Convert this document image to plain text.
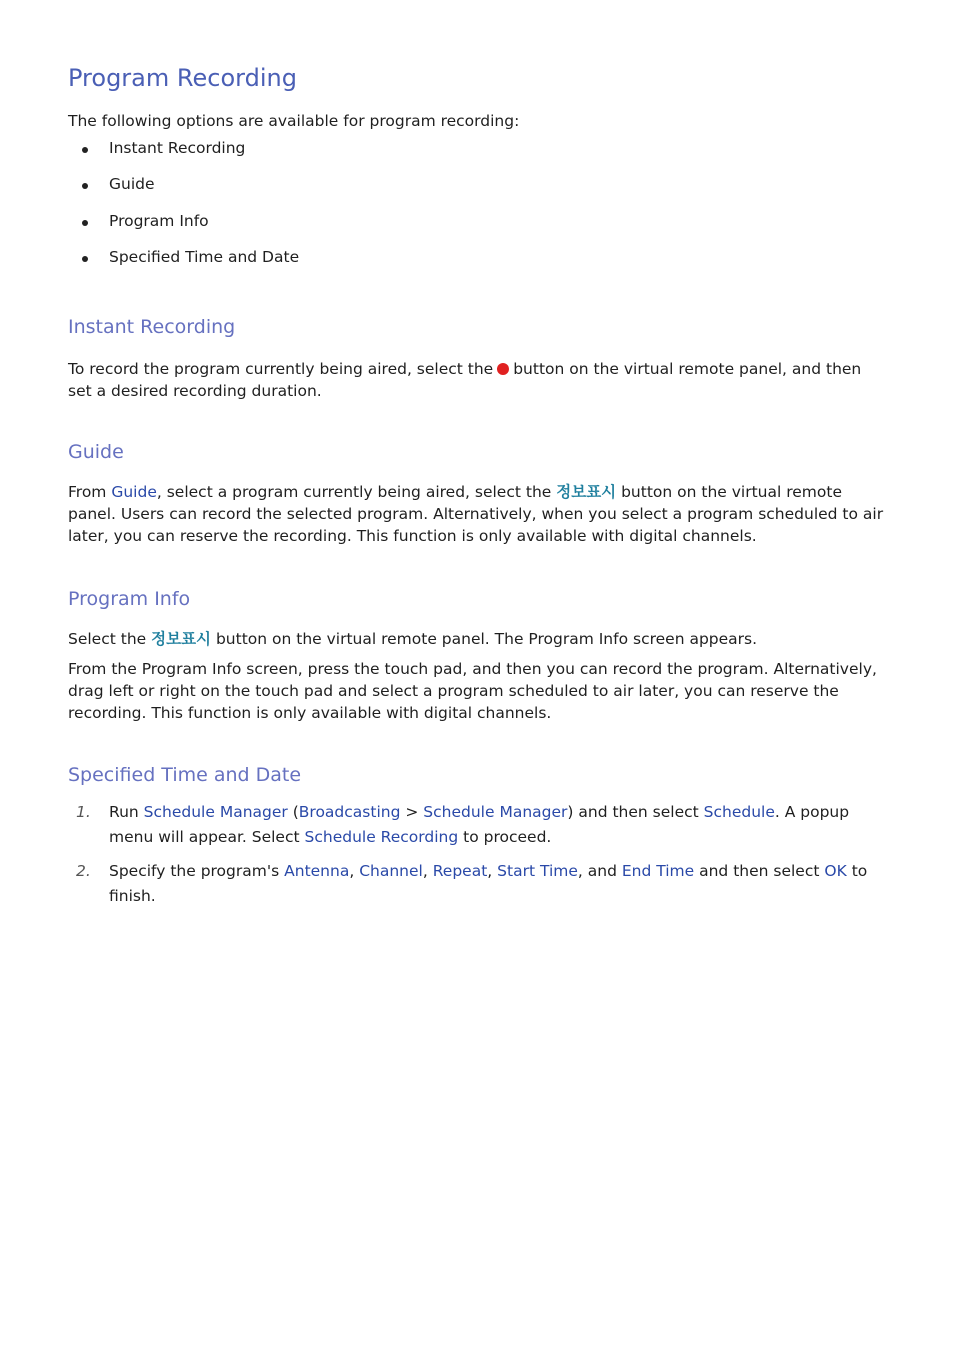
Program Recording

The following options are available for program recording:

Instant Recording
Guide
Program Info
Specified Time and Date
Instant Recording

To record the program currently being aired, select the button on the virtual remote panel, and then set a desired recording duration.

Guide

From Guide, select a program currently being aired, select the 정보표시 button on the virtual remote panel. Users can record the selected program. Alternatively, when you select a program scheduled to air later, you can reserve the recording. This function is only available with digital channels.

Program Info

Select the 정보표시 button on the virtual remote panel. The Program Info screen appears.

From the Program Info screen, press the touch pad, and then you can record the program. Alternatively, drag left or right on the touch pad and select a program scheduled to air later, you can reserve the recording. This function is only available with digital channels.

Specified Time and Date
1. Run Schedule Manager (Broadcasting > Schedule Manager) and then select Schedule. A popup menu will appear. Select Schedule Recording to proceed.
2. Specify the program's Antenna, Channel, Repeat, Start Time, and End Time and then select OK to finish.
